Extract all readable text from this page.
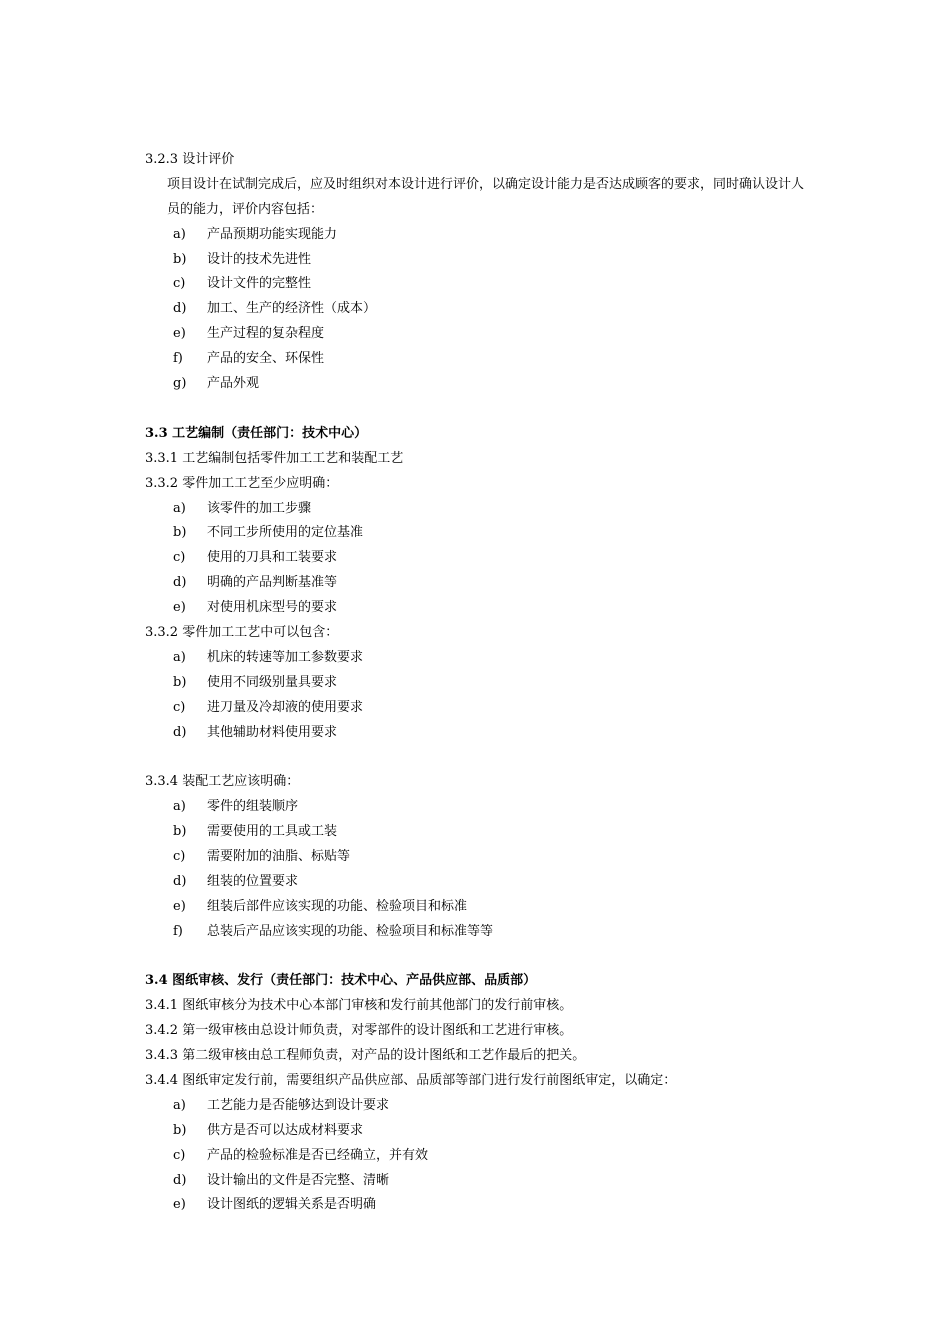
3.2.3 设计评价
项目设计在试制完成后，应及时组织对本设计进行评价，以确定设计能力是否达成顾客的要求，同时确认设计人员的能力，评价内容包括：
a) 产品预期功能实现能力
b) 设计的技术先进性
c) 设计文件的完整性
d) 加工、生产的经济性（成本）
e) 生产过程的复杂程度
f) 产品的安全、环保性
g) 产品外观
3.3 工艺编制（责任部门：技术中心）
3.3.1 工艺编制包括零件加工工艺和装配工艺
3.3.2 零件加工工艺至少应明确：
a) 该零件的加工步骤
b) 不同工步所使用的定位基准
c) 使用的刀具和工装要求
d) 明确的产品判断基准等
e) 对使用机床型号的要求
3.3.2 零件加工工艺中可以包含：
a) 机床的转速等加工参数要求
b) 使用不同级别量具要求
c) 进刀量及冷却液的使用要求
d) 其他辅助材料使用要求
3.3.4 装配工艺应该明确：
a) 零件的组装顺序
b) 需要使用的工具或工装
c) 需要附加的油脂、标贴等
d) 组装的位置要求
e) 组装后部件应该实现的功能、检验项目和标准
f) 总装后产品应该实现的功能、检验项目和标准等等
3.4 图纸审核、发行（责任部门：技术中心、产品供应部、品质部）
3.4.1 图纸审核分为技术中心本部门审核和发行前其他部门的发行前审核。
3.4.2 第一级审核由总设计师负责，对零部件的设计图纸和工艺进行审核。
3.4.3 第二级审核由总工程师负责，对产品的设计图纸和工艺作最后的把关。
3.4.4 图纸审定发行前，需要组织产品供应部、品质部等部门进行发行前图纸审定，以确定：
a) 工艺能力是否能够达到设计要求
b) 供方是否可以达成材料要求
c) 产品的检验标准是否已经确立，并有效
d) 设计输出的文件是否完整、清晰
e) 设计图纸的逻辑关系是否明确
